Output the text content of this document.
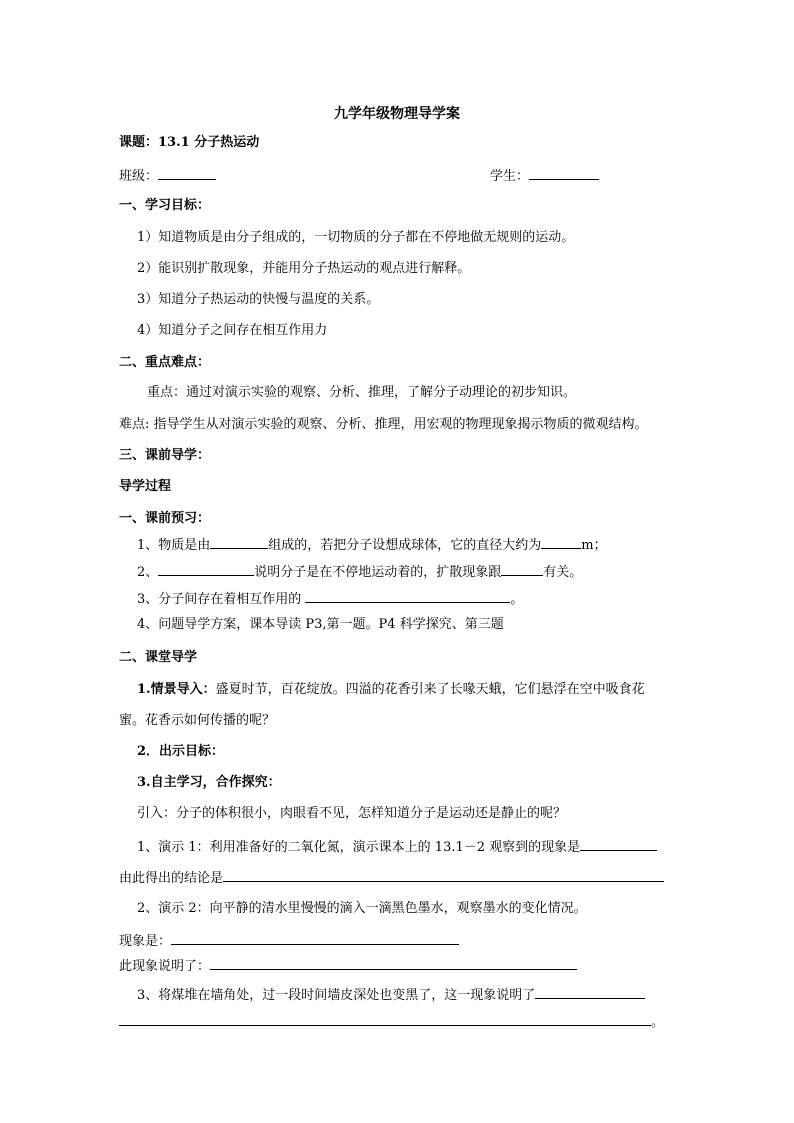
九学年级物理导学案
课题：13.1 分子热运动
班级：	学生：
一、学习目标：
1）知道物质是由分子组成的，一切物质的分子都在不停地做无规则的运动。
2）能识别扩散现象，并能用分子热运动的观点进行解释。
3）知道分子热运动的快慢与温度的关系。
4）知道分子之间存在相互作用力
二、重点难点：
重点：通过对演示实验的观察、分析、推理，了解分子动理论的初步知识。
难点: 指导学生从对演示实验的观察、分析、推理，用宏观的物理现象揭示物质的微观结构。
三、课前导学：
导学过程
一、课前预习：
1、物质是由	组成的，若把分子设想成球体，它的直径大约为	m；
2、	说明分子是在不停地运动着的，扩散现象跟	有关。
3、分子间存在着相互作用的	。
4、问题导学方案，课本导读 P3,第一题。P4 科学探究、第三题
二、课堂导学
1.情景导入：盛夏时节，百花绽放。四溢的花香引来了长喙天蛾，它们悬浮在空中吸食花
蜜。花香示如何传播的呢？
2．出示目标：
3.自主学习，合作探究：
引入：分子的体积很小，肉眼看不见，怎样知道分子是运动还是静止的呢？
1、演示 1：利用准备好的二氧化氮，演示课本上的 13.1－2 观察到的现象是
由此得出的结论是
2、演示 2：向平静的清水里慢慢的滴入一滴黑色墨水，观察墨水的变化情况。
现象是：
此现象说明了：
3、将煤堆在墙角处，过一段时间墙皮深处也变黑了，这一现象说明了
。
